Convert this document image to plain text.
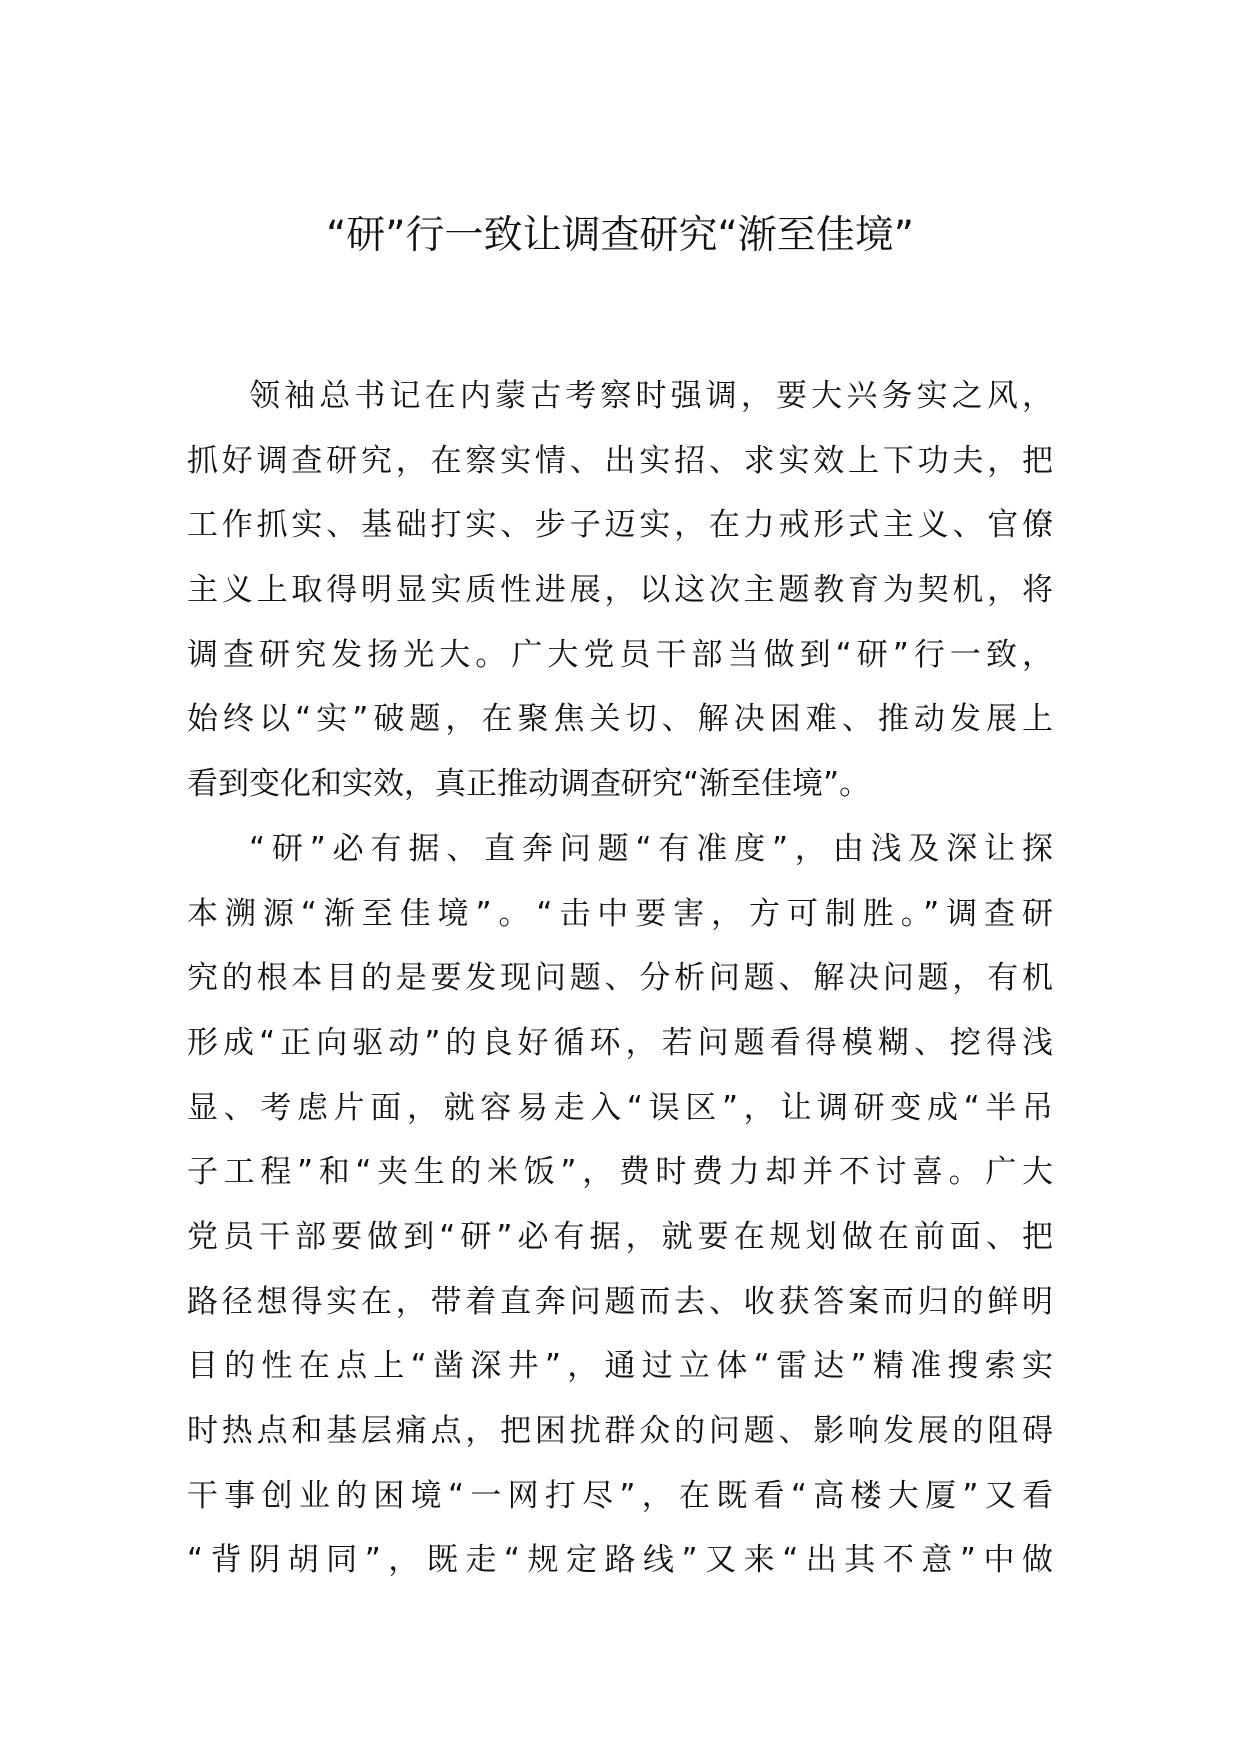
“研”行一致让调查研究“渐至佳境”
领袖总书记在内蒙古考察时强调，要大兴务实之风，
抓好调查研究，在察实情、出实招、求实效上下功夫，把
工作抓实、基础打实、步子迈实，在力戒形式主义、官僚
主义上取得明显实质性进展，以这次主题教育为契机，将
调查研究发扬光大。广大党员干部当做到“研”行一致，
始终以“实”破题，在聚焦关切、解决困难、推动发展上
看到变化和实效，真正推动调查研究“渐至佳境”。
“研”必有据、直奔问题“有准度”，由浅及深让探
本溯源“渐至佳境”。“击中要害，方可制胜。”调查研
究的根本目的是要发现问题、分析问题、解决问题，有机
形成“正向驱动”的良好循环，若问题看得模糊、挖得浅
显、考虑片面，就容易走入“误区”，让调研变成“半吊
子工程”和“夹生的米饭”，费时费力却并不讨喜。广大
党员干部要做到“研”必有据，就要在规划做在前面、把
路径想得实在，带着直奔问题而去、收获答案而归的鲜明
目的性在点上“凿深井”，通过立体“雷达”精准搜索实
时热点和基层痛点，把困扰群众的问题、影响发展的阻碍
干事创业的困境“一网打尽”，在既看“高楼大厦”又看
“背阴胡同”，既走“规定路线”又来“出其不意”中做
